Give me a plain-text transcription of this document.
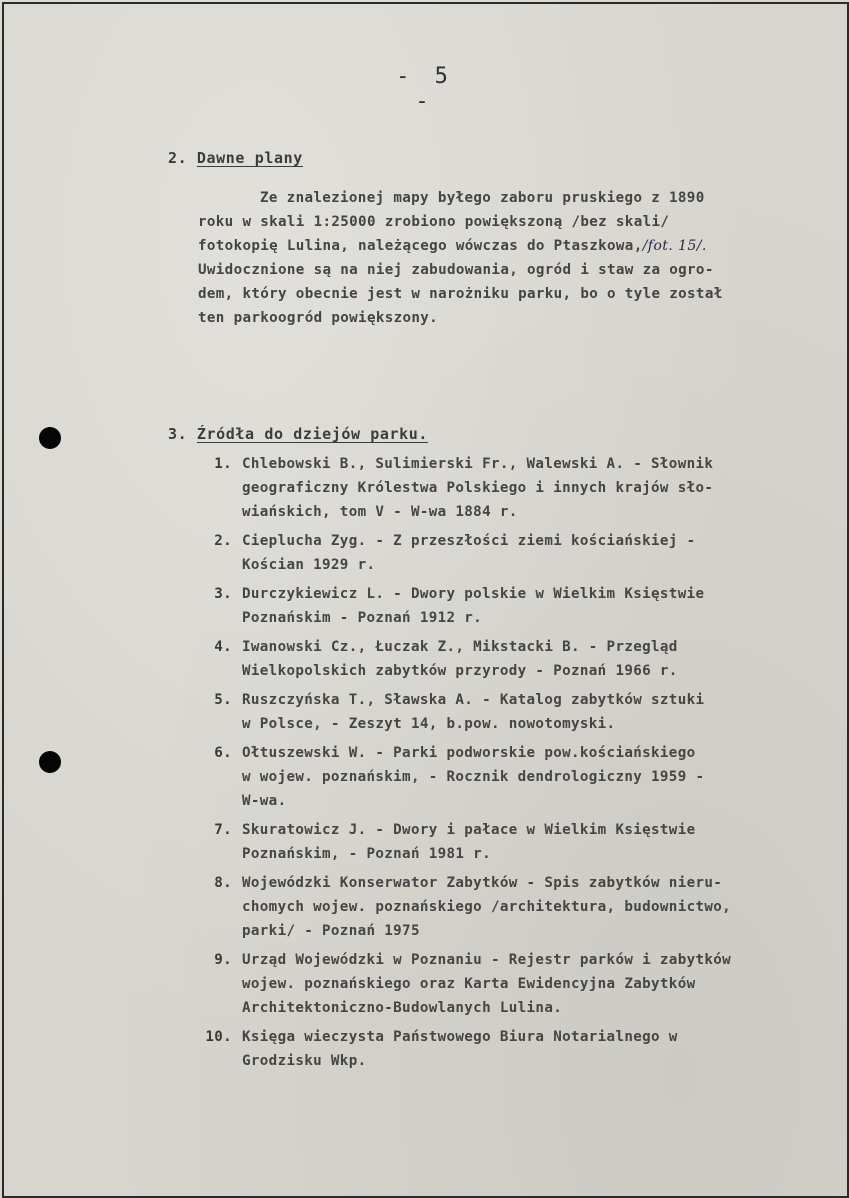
- 5 -
2. Dawne plany
Ze znalezionej mapy byłego zaboru pruskiego z 1890
roku w skali 1:25000 zrobiono powiększoną /bez skali/
fotokopię Lulina, należącego wówczas do Ptaszkowa,/fot. 15/.
Uwidocznione są na niej zabudowania, ogród i staw za ogro-
dem, który obecnie jest w narożniku parku, bo o tyle został
ten parkoogród powiększony.
3. Źródła do dziejów parku.
1. Chlebowski B., Sulimierski Fr., Walewski A. - Słownik
geograficzny Królestwa Polskiego i innych krajów sło-
wiańskich, tom V - W-wa 1884 r.
2. Cieplucha Zyg. - Z przeszłości ziemi kościańskiej -
Kościan 1929 r.
3. Durczykiewicz L. - Dwory polskie w Wielkim Księstwie
Poznańskim - Poznań 1912 r.
4. Iwanowski Cz., Łuczak Z., Mikstacki B. - Przegląd
Wielkopolskich zabytków przyrody - Poznań 1966 r.
5. Ruszczyńska T., Sławska A. - Katalog zabytków sztuki
w Polsce, - Zeszyt 14, b.pow. nowotomyski.
6. Ołtuszewski W. - Parki podworskie pow.kościańskiego
w wojew. poznańskim, - Rocznik dendrologiczny 1959 -
W-wa.
7. Skuratowicz J. - Dwory i pałace w Wielkim Księstwie
Poznańskim, - Poznań 1981 r.
8. Wojewódzki Konserwator Zabytków - Spis zabytków nieru-
chomych wojew. poznańskiego /architektura, budownictwo,
parki/ - Poznań 1975
9. Urząd Wojewódzki w Poznaniu - Rejestr parków i zabytków
wojew. poznańskiego oraz Karta Ewidencyjna Zabytków
Architektoniczno-Budowlanych Lulina.
10. Księga wieczysta Państwowego Biura Notarialnego w
Grodzisku Wkp.
